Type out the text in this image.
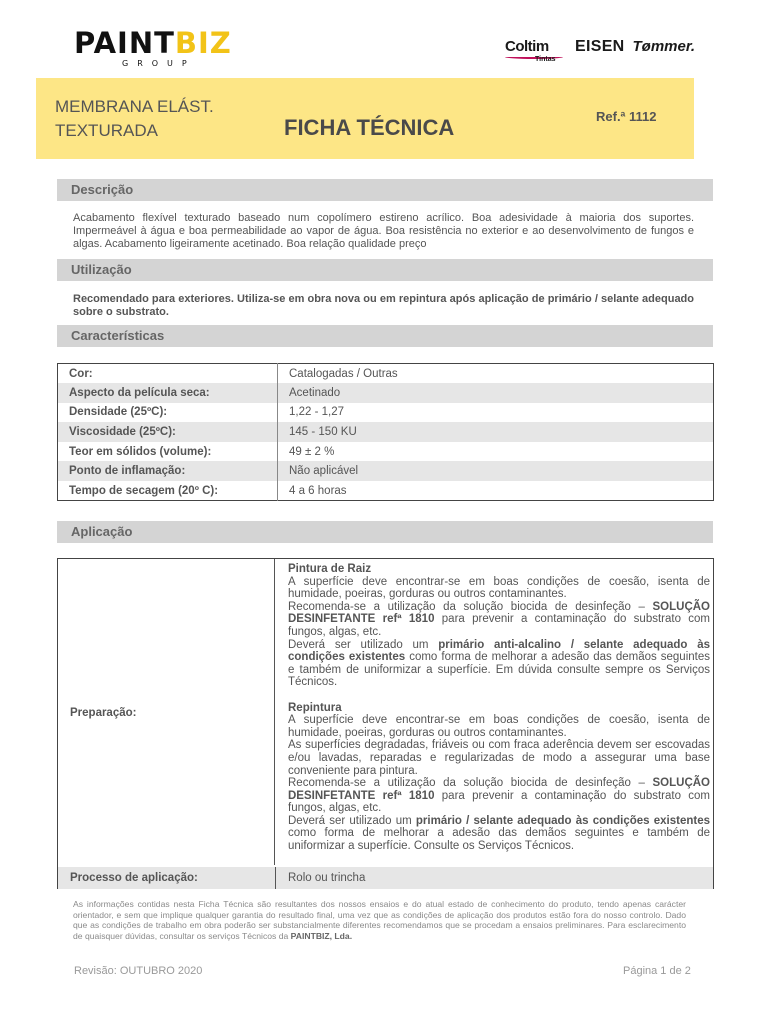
PAINTBIZ
GROUP
Coltim
Tintas
EISEN Tømmer.
MEMBRANA ELÁST.
TEXTURADA	FICHA TÉCNICA	Ref.ª 1112
Descrição
Acabamento flexível texturado baseado num copolímero estireno acrílico. Boa adesividade à maioria dos suportes. Impermeável à água e boa permeabilidade ao vapor de água. Boa resistência no exterior e ao desenvolvimento de fungos e algas. Acabamento ligeiramente acetinado. Boa relação qualidade preço
Utilização
Recomendado para exteriores. Utiliza-se em obra nova ou em repintura após aplicação de primário / selante adequado sobre o substrato.
Características
Cor:	Catalogadas / Outras
Aspecto da película seca:	Acetinado
Densidade (25ºC):	1,22 - 1,27
Viscosidade (25ºC):	145 - 150 KU
Teor em sólidos (volume):	49 ± 2 %
Ponto de inflamação:	Não aplicável
Tempo de secagem (20º C):	4 a 6 horas
Aplicação
Preparação:
Pintura de Raiz
A superfície deve encontrar-se em boas condições de coesão, isenta de humidade, poeiras, gorduras ou outros contaminantes.
Recomenda-se a utilização da solução biocida de desinfeção – SOLUÇÃO DESINFETANTE refª 1810 para prevenir a contaminação do substrato com fungos, algas, etc.
Deverá ser utilizado um primário anti-alcalino / selante adequado às condições existentes como forma de melhorar a adesão das demãos seguintes e também de uniformizar a superfície. Em dúvida consulte sempre os Serviços Técnicos.
Repintura
A superfície deve encontrar-se em boas condições de coesão, isenta de humidade, poeiras, gorduras ou outros contaminantes.
As superfícies degradadas, friáveis ou com fraca aderência devem ser escovadas e/ou lavadas, reparadas e regularizadas de modo a assegurar uma base conveniente para pintura.
Recomenda-se a utilização da solução biocida de desinfeção – SOLUÇÃO DESINFETANTE refª 1810 para prevenir a contaminação do substrato com fungos, algas, etc.
Deverá ser utilizado um primário / selante adequado às condições existentes como forma de melhorar a adesão das demãos seguintes e também de uniformizar a superfície. Consulte os Serviços Técnicos.
Processo de aplicação:	Rolo ou trincha
As informações contidas nesta Ficha Técnica são resultantes dos nossos ensaios e do atual estado de conhecimento do produto, tendo apenas carácter orientador, e sem que implique qualquer garantia do resultado final, uma vez que as condições de aplicação dos produtos estão fora do nosso controlo. Dado que as condições de trabalho em obra poderão ser substancialmente diferentes recomendamos que se procedam a ensaios preliminares. Para esclarecimento de quaisquer dúvidas, consultar os serviços Técnicos da PAINTBIZ, Lda.
Revisão: OUTUBRO 2020	Página 1 de 2
